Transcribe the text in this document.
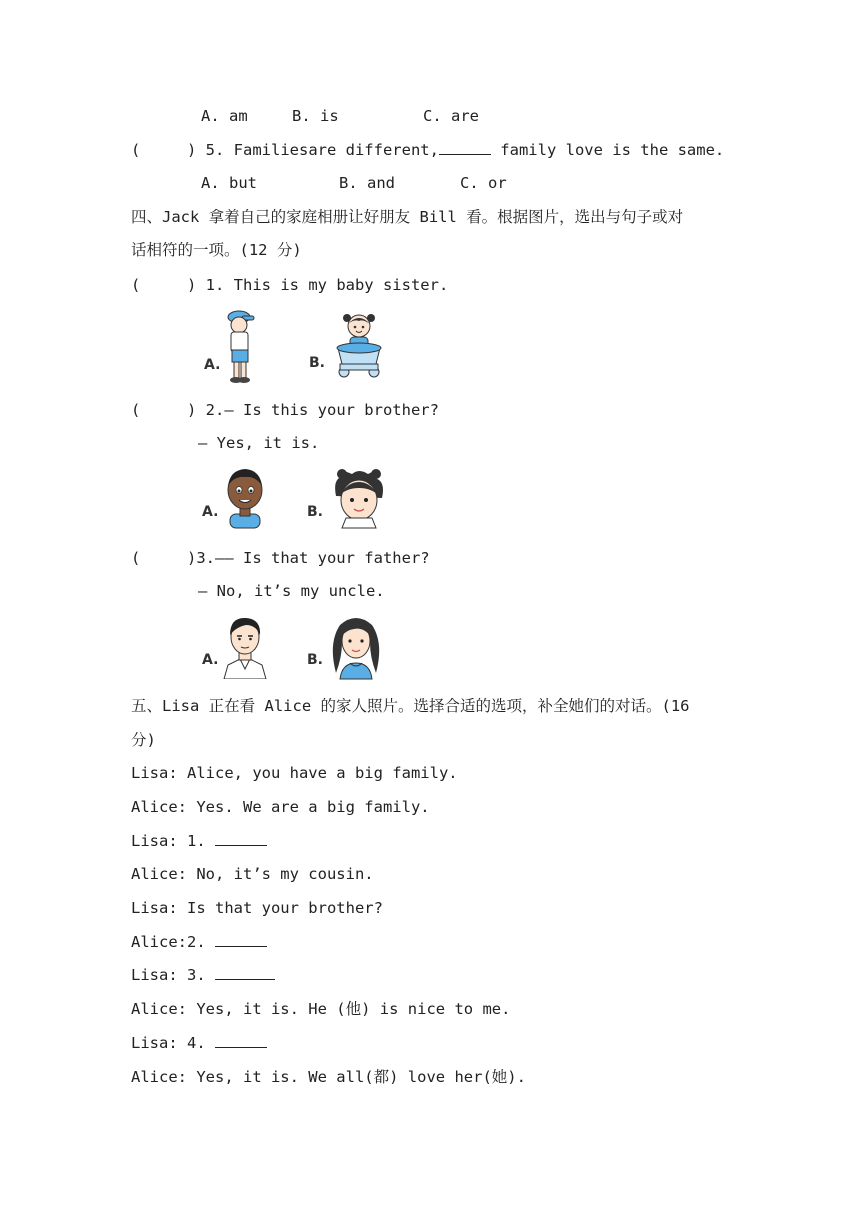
A. am	B. is	C. are
(     ) 5. Familiesare different,	family love is the same.
A. but	B. and	C. or
四、Jack 拿着自己的家庭相册让好朋友 Bill 看。根据图片，选出与句子或对
话相符的一项。(12 分)
(     ) 1. This is my baby sister.
A.	B.
(     ) 2.— Is this your brother?
— Yes, it is.
A.	B.
(     )3.—— Is that your father?
— No, it’s my uncle.
A.	B.
五、Lisa 正在看 Alice 的家人照片。选择合适的选项，补全她们的对话。(16
分)
Lisa: Alice, you have a big family.
Alice: Yes. We are a big family.
Lisa: 1.
Alice: No, it’s my cousin.
Lisa: Is that your brother?
Alice:2.
Lisa: 3.
Alice: Yes, it is. He (他) is nice to me.
Lisa: 4.
Alice: Yes, it is. We all(都) love her(她).
